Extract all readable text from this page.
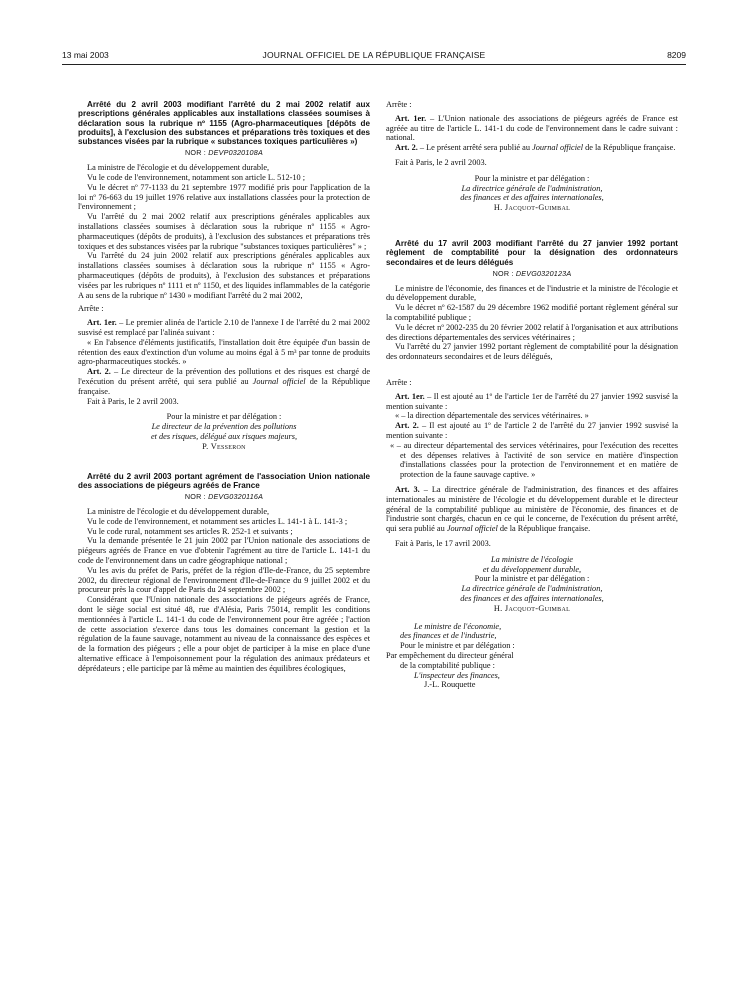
13 mai 2003	JOURNAL OFFICIEL DE LA RÉPUBLIQUE FRANÇAISE	8209

Arrêté du 2 avril 2003 modifiant l'arrêté du 2 mai 2002 relatif aux prescriptions générales applicables aux installations classées soumises à déclaration sous la rubrique nº 1155 (Agro-pharmaceutiques [dépôts de produits], à l'exclusion des substances et préparations très toxiques et des substances visées par la rubrique « substances toxiques particulières »)

NOR : DEVP0320108A

La ministre de l'écologie et du développement durable,

Vu le code de l'environnement, notamment son article L. 512-10 ;

Vu le décret nº 77-1133 du 21 septembre 1977 modifié pris pour l'application de la loi nº 76-663 du 19 juillet 1976 relative aux installations classées pour la protection de l'environnement ;

Vu l'arrêté du 2 mai 2002 relatif aux prescriptions générales applicables aux installations classées soumises à déclaration sous la rubrique nº 1155 « Agro-pharmaceutiques (dépôts de produits), à l'exclusion des substances et préparations très toxiques et des substances visées par la rubrique "substances toxiques particulières" » ;

Vu l'arrêté du 24 juin 2002 relatif aux prescriptions générales applicables aux installations classées soumises à déclaration sous la rubrique nº 1155 « Agro-pharmaceutiques (dépôts de produits), à l'exclusion des substances et préparations visées par les rubriques nº 1111 et nº 1150, et des liquides inflammables de la catégorie A au sens de la rubrique nº 1430 » modifiant l'arrêté du 2 mai 2002,

Arrête :

Art. 1er. – Le premier alinéa de l'article 2.10 de l'annexe I de l'arrêté du 2 mai 2002 susvisé est remplacé par l'alinéa suivant :

« En l'absence d'éléments justificatifs, l'installation doit être équipée d'un bassin de rétention des eaux d'extinction d'un volume au moins égal à 5 m³ par tonne de produits agro-pharmaceutiques stockés. »

Art. 2. – Le directeur de la prévention des pollutions et des risques est chargé de l'exécution du présent arrêté, qui sera publié au Journal officiel de la République française.

Fait à Paris, le 2 avril 2003.

Pour la ministre et par délégation :
Le directeur de la prévention des pollutions
et des risques, délégué aux risques majeurs,
P. Vesseron

Arrêté du 2 avril 2003 portant agrément de l'association Union nationale des associations de piégeurs agréés de France

NOR : DEVG0320116A

La ministre de l'écologie et du développement durable,

Vu le code de l'environnement, et notamment ses articles L. 141-1 à L. 141-3 ;

Vu le code rural, notamment ses articles R. 252-1 et suivants ;

Vu la demande présentée le 21 juin 2002 par l'Union nationale des associations de piégeurs agréés de France en vue d'obtenir l'agrément au titre de l'article L. 141-1 du code de l'environnement dans un cadre géographique national ;

Vu les avis du préfet de Paris, préfet de la région d'Ile-de-France, du 25 septembre 2002, du directeur régional de l'environnement d'Ile-de-France du 9 juillet 2002 et du procureur près la cour d'appel de Paris du 24 septembre 2002 ;

Considérant que l'Union nationale des associations de piégeurs agréés de France, dont le siège social est situé 48, rue d'Alésia, Paris 75014, remplit les conditions mentionnées à l'article L. 141-1 du code de l'environnement pour être agréée ; l'action de cette association s'exerce dans tous les domaines concernant la gestion et la régulation de la faune sauvage, notamment au niveau de la connaissance des espèces et de la formation des piégeurs ; elle a pour objet de participer à la mise en place d'une alternative efficace à l'empoisonnement pour la régulation des animaux prédateurs et déprédateurs ; elle participe par là même au maintien des équilibres écologiques,

Arrête :

Art. 1er. – L'Union nationale des associations de piégeurs agréés de France est agréée au titre de l'article L. 141-1 du code de l'environnement dans le cadre suivant : national.

Art. 2. – Le présent arrêté sera publié au Journal officiel de la République française.

Fait à Paris, le 2 avril 2003.

Pour la ministre et par délégation :
La directrice générale de l'administration,
des finances et des affaires internationales,
H. Jacquot-Guimbal

Arrêté du 17 avril 2003 modifiant l'arrêté du 27 janvier 1992 portant règlement de comptabilité pour la désignation des ordonnateurs secondaires et de leurs délégués

NOR : DEVG0320123A

Le ministre de l'économie, des finances et de l'industrie et la ministre de l'écologie et du développement durable,

Vu le décret nº 62-1587 du 29 décembre 1962 modifié portant règlement général sur la comptabilité publique ;

Vu le décret nº 2002-235 du 20 février 2002 relatif à l'organisation et aux attributions des directions départementales des services vétérinaires ;

Vu l'arrêté du 27 janvier 1992 portant règlement de comptabilité pour la désignation des ordonnateurs secondaires et de leurs délégués,

Arrête :

Art. 1er. – Il est ajouté au 1º de l'article 1er de l'arrêté du 27 janvier 1992 susvisé la mention suivante :

« – la direction départementale des services vétérinaires. »

Art. 2. – Il est ajouté au 1º de l'article 2 de l'arrêté du 27 janvier 1992 susvisé la mention suivante :

« – au directeur départemental des services vétérinaires, pour l'exécution des recettes et des dépenses relatives à l'activité de son service en matière d'inspection d'installations classées pour la protection de l'environnement et en matière de protection de la faune sauvage captive. »

Art. 3. – La directrice générale de l'administration, des finances et des affaires internationales au ministère de l'écologie et du développement durable et le directeur général de la comptabilité publique au ministère de l'économie, des finances et de l'industrie sont chargés, chacun en ce qui le concerne, de l'exécution du présent arrêté, qui sera publié au Journal officiel de la République française.

Fait à Paris, le 17 avril 2003.

La ministre de l'écologie
et du développement durable,
Pour la ministre et par délégation :
La directrice générale de l'administration,
des finances et des affaires internationales,
H. Jacquot-Guimbal
Le ministre de l'économie,
des finances et de l'industrie,
Pour le ministre et par délégation :
Par empêchement du directeur général
de la comptabilité publique :
L'inspecteur des finances,
J.-L. Rouquette
